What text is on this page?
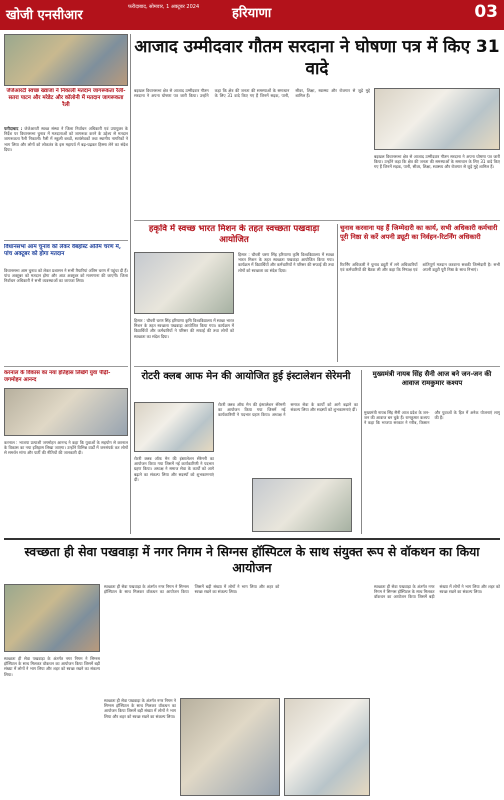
खोजी एनसीआर
फरीदाबाद, सोमवार, 1 अक्टूबर 2024	हरियाणा	03
जेजेआरटी स्वच्छ ख्वाजा ने निकाली मतदान जागरूकता रैली-सतरा पाटन और मरेडेट और कॉलोनी में मतदान जागरूकता रैली
फरीदाबाद : जेजेआरटी स्वच्छ संस्था ने जिला निर्वाचन अधिकारी एवं उपायुक्त के निर्देश पर विधानसभा चुनाव में मतदाताओं को जागरूक करने के उद्देश्य से मतदान जागरूकता रैली निकाली। रैली में स्कूली बच्चों, स्वयंसेवकों तथा स्थानीय नागरिकों ने भाग लिया और लोगों को लोकतंत्र के इस महापर्व में बढ़-चढ़कर हिस्सा लेने का संदेश दिया।
आजाद उम्मीदवार गौतम सरदाना ने घोषणा पत्र में किए 31 वादे
बड़खल विधानसभा क्षेत्र से आजाद उम्मीदवार गौतम सरदाना ने अपना घोषणा पत्र जारी किया। उन्होंने कहा कि क्षेत्र की जनता की समस्याओं के समाधान के लिए 31 वादे किए गए हैं जिनमें सड़क, पानी, सीवर, शिक्षा, स्वास्थ्य और रोजगार से जुड़े मुद्दे शामिल हैं।
बड़खल विधानसभा क्षेत्र से आजाद उम्मीदवार गौतम सरदाना ने अपना घोषणा पत्र जारी किया। उन्होंने कहा कि क्षेत्र की जनता की समस्याओं के समाधान के लिए 31 वादे किए गए हैं जिनमें सड़क, पानी, सीवर, शिक्षा, स्वास्थ्य और रोजगार से जुड़े मुद्दे शामिल हैं।
हकृवि में स्वच्छ भारत मिशन के तहत स्वच्छता पखवाड़ा आयोजित
हिसार : चौधरी चरण सिंह हरियाणा कृषि विश्वविद्यालय में स्वच्छ भारत मिशन के तहत स्वच्छता पखवाड़ा आयोजित किया गया। कार्यक्रम में विद्यार्थियों और कर्मचारियों ने परिसर की सफाई की तथा लोगों को स्वच्छता का संदेश दिया।
हिसार : चौधरी चरण सिंह हरियाणा कृषि विश्वविद्यालय में स्वच्छ भारत मिशन के तहत स्वच्छता पखवाड़ा आयोजित किया गया। कार्यक्रम में विद्यार्थियों और कर्मचारियों ने परिसर की सफाई की तथा लोगों को स्वच्छता का संदेश दिया।
चुनाव करवाना यह हैं जिम्मेदारी का कार्य, सभी अधिकारी कर्मचारी पूरी निष्ठा से करें अपनी ड्यूटी का निर्वहन-रिटर्निंग अधिकारी
रिटर्निंग अधिकारी ने चुनाव ड्यूटी में लगे अधिकारियों एवं कर्मचारियों की बैठक ली और कहा कि निष्पक्ष एवं शांतिपूर्ण मतदान करवाना सबकी जिम्मेदारी है। सभी अपनी ड्यूटी पूरी निष्ठा के साथ निभाएं।
विधानसभा आम चुनाव को लेकर वेबहोस्ट अतिम चरण में, पांच अक्टूबर को होगा मतदान
विधानसभा आम चुनाव को लेकर प्रशासन ने सभी तैयारियां अंतिम चरण में पहुंचा दी हैं। पांच अक्टूबर को मतदान होगा और आठ अक्टूबर को मतगणना की जाएगी। जिला निर्वाचन अधिकारी ने सभी व्यवस्थाओं का जायजा लिया।
करनाल के विकास का नया इतिहास लिखेंगे युवा पीढ़ी- जगमोहन आनन्द
करनाल : भाजपा प्रत्याशी जगमोहन आनन्द ने कहा कि युवाओं के सहयोग से करनाल के विकास का नया इतिहास लिखा जाएगा। उन्होंने विभिन्न वार्डों में जनसंपर्क कर लोगों से समर्थन मांगा और पार्टी की नीतियों की जानकारी दी।
रोटरी क्लब आफ मेन की आयोजित हुई इंस्टालेशन सेरेमनी
रोटरी क्लब ऑफ मेन की इंस्टालेशन सेरेमनी का आयोजन किया गया जिसमें नई कार्यकारिणी ने पदभार ग्रहण किया। अध्यक्ष ने समाज सेवा के कार्यों को आगे बढ़ाने का संकल्प लिया और सदस्यों को शुभकामनाएं दीं।
रोटरी क्लब ऑफ मेन की इंस्टालेशन सेरेमनी का आयोजन किया गया जिसमें नई कार्यकारिणी ने पदभार ग्रहण किया। अध्यक्ष ने समाज सेवा के कार्यों को आगे बढ़ाने का संकल्प लिया और सदस्यों को शुभकामनाएं दीं।
मुख्यमंत्री नायब सिंह सैनी आज बने जन-जन की आवाज रामकुमार कश्यप
मुख्यमंत्री नायब सिंह सैनी आज प्रदेश के जन-जन की आवाज बन चुके हैं। रामकुमार कश्यप ने कहा कि भाजपा सरकार ने गरीब, किसान और युवाओं के हित में अनेक योजनाएं लागू की हैं।
स्वच्छता ही सेवा पखवाड़ा में नगर निगम ने सिग्नस हॉस्पिटल के साथ संयुक्त रूप से वॉकथन का किया आयोजन
स्वच्छता ही सेवा पखवाड़ा के अंतर्गत नगर निगम ने सिग्नस हॉस्पिटल के साथ मिलकर वॉकथन का आयोजन किया जिसमें बड़ी संख्या में लोगों ने भाग लिया और शहर को स्वच्छ रखने का संकल्प लिया।
स्वच्छता ही सेवा पखवाड़ा के अंतर्गत नगर निगम ने सिग्नस हॉस्पिटल के साथ मिलकर वॉकथन का आयोजन किया जिसमें बड़ी संख्या में लोगों ने भाग लिया और शहर को स्वच्छ रखने का संकल्प लिया।
स्वच्छता ही सेवा पखवाड़ा के अंतर्गत नगर निगम ने सिग्नस हॉस्पिटल के साथ मिलकर वॉकथन का आयोजन किया जिसमें बड़ी संख्या में लोगों ने भाग लिया और शहर को स्वच्छ रखने का संकल्प लिया।
स्वच्छता ही सेवा पखवाड़ा के अंतर्गत नगर निगम ने सिग्नस हॉस्पिटल के साथ मिलकर वॉकथन का आयोजन किया जिसमें बड़ी संख्या में लोगों ने भाग लिया और शहर को स्वच्छ रखने का संकल्प लिया।
